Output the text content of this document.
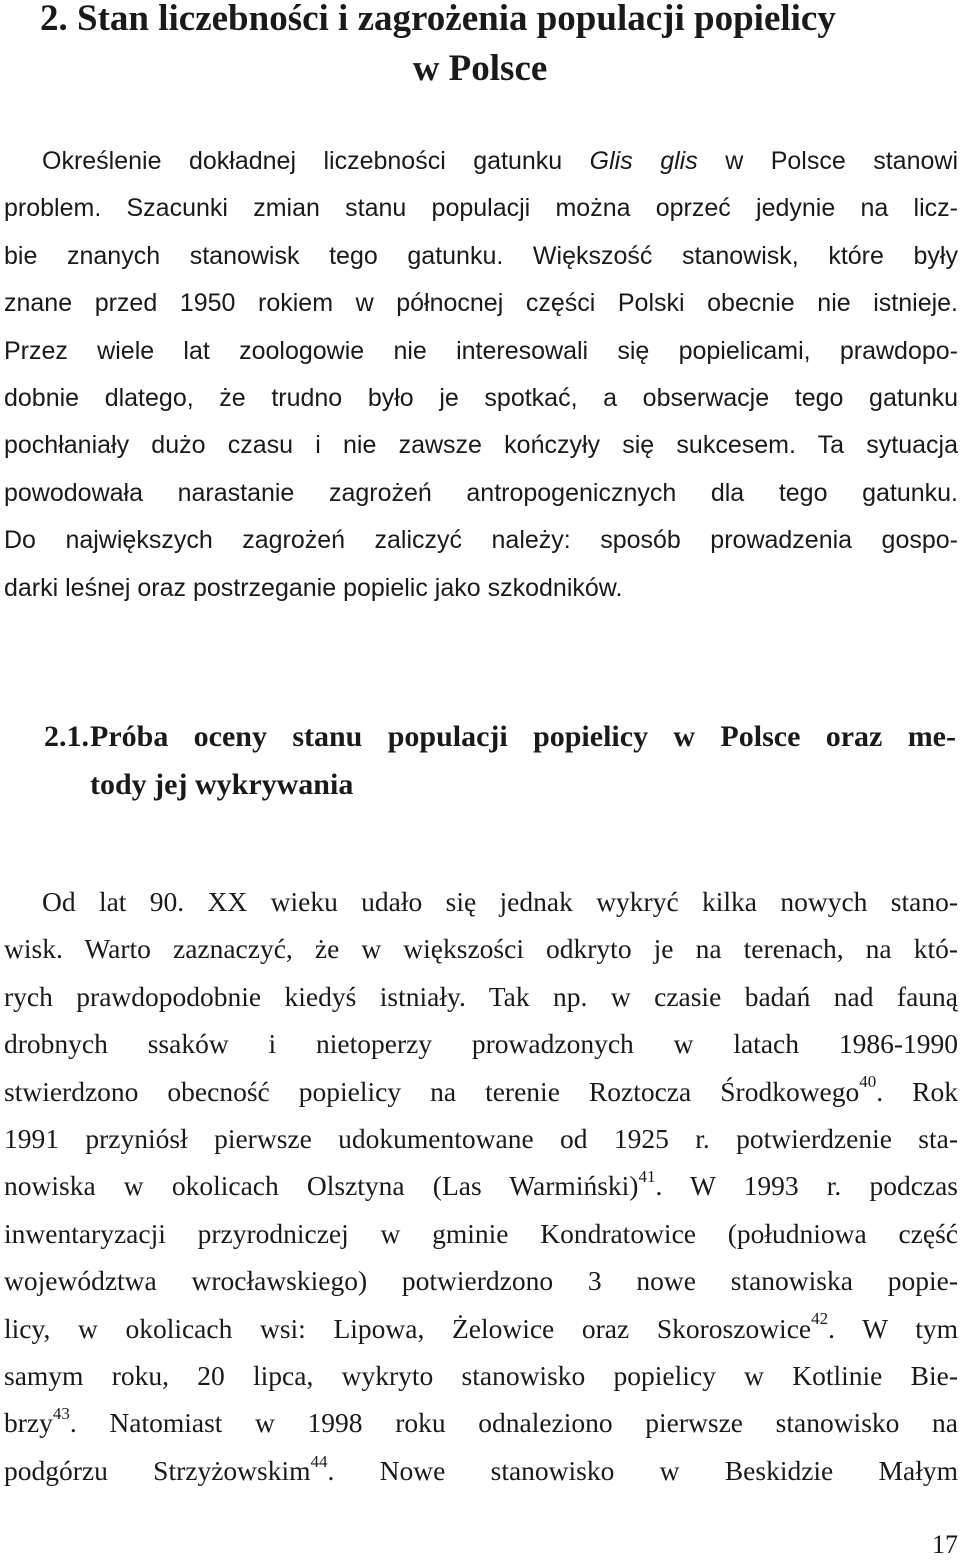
2. Stan liczebności i zagrożenia populacji popielicy
w Polsce

Określenie dokładnej liczebności gatunku Glis glis w Polsce stanowi
problem. Szacunki zmian stanu populacji można oprzeć jedynie na licz-
bie znanych stanowisk tego gatunku. Większość stanowisk, które były
znane przed 1950 rokiem w północnej części Polski obecnie nie istnieje.
Przez wiele lat zoologowie nie interesowali się popielicami, prawdopo-
dobnie dlatego, że trudno było je spotkać, a obserwacje tego gatunku
pochłaniały dużo czasu i nie zawsze kończyły się sukcesem. Ta sytuacja
powodowała narastanie zagrożeń antropogenicznych dla tego gatunku.
Do największych zagrożeń zaliczyć należy: sposób prowadzenia gospo-
darki leśnej oraz postrzeganie popielic jako szkodników.

2.1. Próba oceny stanu populacji popielicy w Polsce oraz me-
tody jej wykrywania

Od lat 90. XX wieku udało się jednak wykryć kilka nowych stano-
wisk. Warto zaznaczyć, że w większości odkryto je na terenach, na któ-
rych prawdopodobnie kiedyś istniały. Tak np. w czasie badań nad fauną
drobnych ssaków i nietoperzy prowadzonych w latach 1986-1990
stwierdzono obecność popielicy na terenie Roztocza Środkowego$^{40}$. Rok
1991 przyniósł pierwsze udokumentowane od 1925 r. potwierdzenie sta-
nowiska w okolicach Olsztyna (Las Warmiński)$^{41}$. W 1993 r. podczas
inwentaryzacji przyrodniczej w gminie Kondratowice (południowa część
województwa wrocławskiego) potwierdzono 3 nowe stanowiska popie-
licy, w okolicach wsi: Lipowa, Żelowice oraz Skoroszowice$^{42}$. W tym
samym roku, 20 lipca, wykryto stanowisko popielicy w Kotlinie Bie-
brzy$^{43}$. Natomiast w 1998 roku odnaleziono pierwsze stanowisko na
podgórzu Strzyżowskim$^{44}$. Nowe stanowisko w Beskidzie Małym

17
